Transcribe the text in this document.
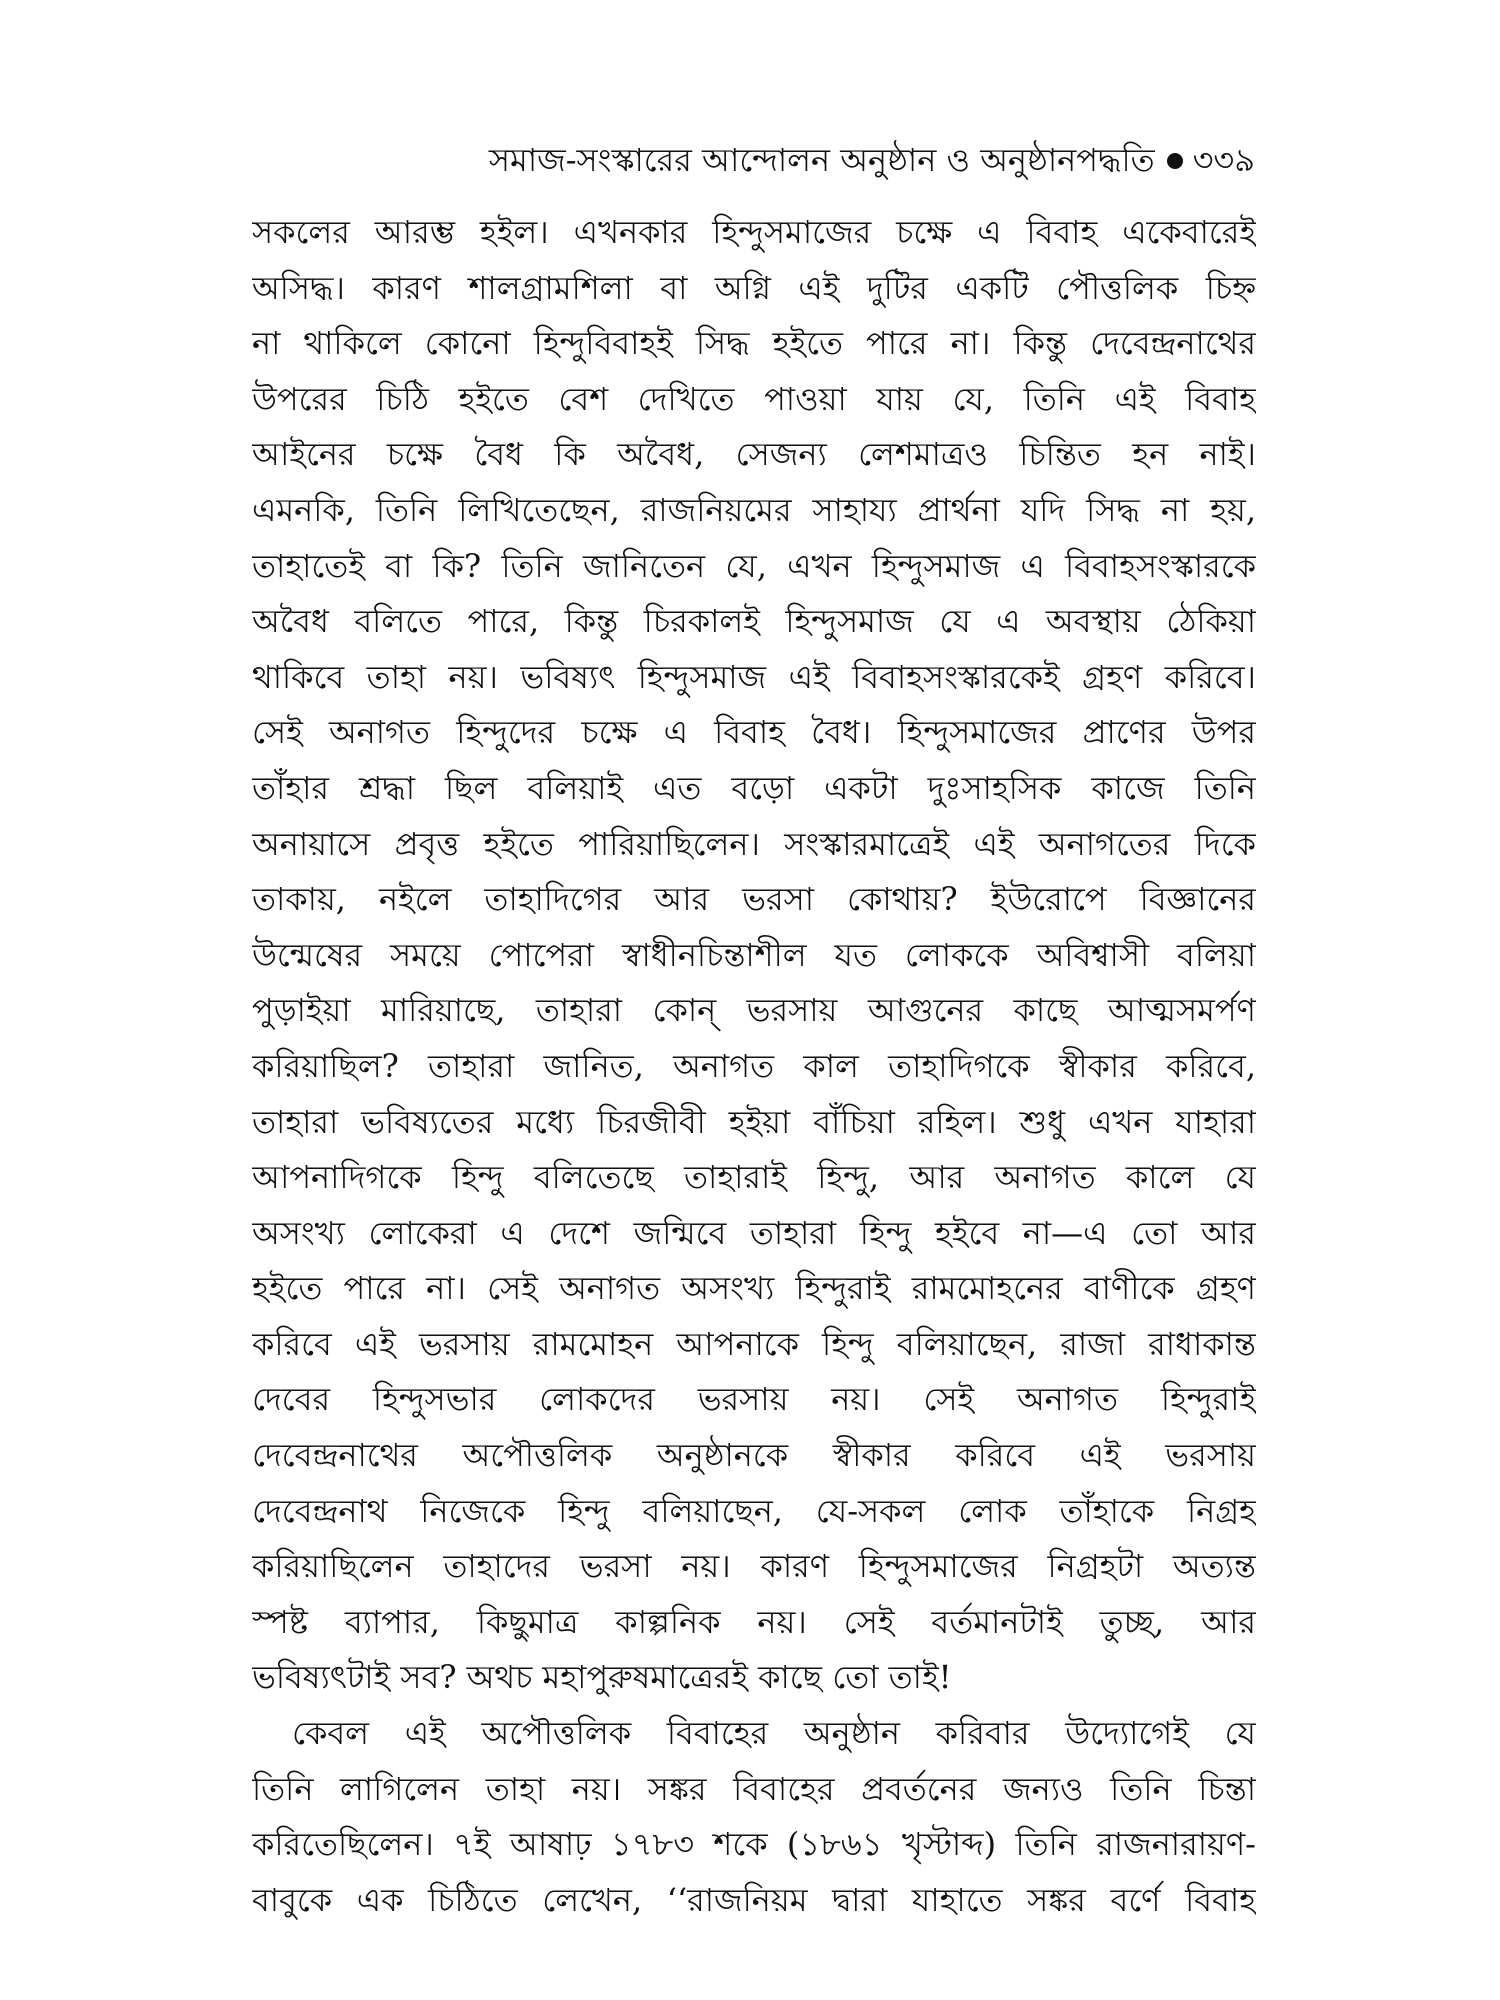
সমাজ-সংস্কারের আন্দোলন অনুষ্ঠান ও অনুষ্ঠানপদ্ধতি ৩৩৯
সকলের আরম্ভ হইল। এখনকার হিন্দুসমাজের চক্ষে এ বিবাহ একেবারেই
অসিদ্ধ। কারণ শালগ্রামশিলা বা অগ্নি এই দুটির একটি পৌত্তলিক চিহ্ন
না থাকিলে কোনো হিন্দুবিবাহই সিদ্ধ হইতে পারে না। কিন্তু দেবেন্দ্রনাথের
উপরের চিঠি হইতে বেশ দেখিতে পাওয়া যায় যে, তিনি এই বিবাহ
আইনের চক্ষে বৈধ কি অবৈধ, সেজন্য লেশমাত্রও চিন্তিত হন নাই।
এমনকি, তিনি লিখিতেছেন, রাজনিয়মের সাহায্য প্রার্থনা যদি সিদ্ধ না হয়,
তাহাতেই বা কি? তিনি জানিতেন যে, এখন হিন্দুসমাজ এ বিবাহসংস্কারকে
অবৈধ বলিতে পারে, কিন্তু চিরকালই হিন্দুসমাজ যে এ অবস্থায় ঠেকিয়া
থাকিবে তাহা নয়। ভবিষ্যৎ হিন্দুসমাজ এই বিবাহসংস্কারকেই গ্রহণ করিবে।
সেই অনাগত হিন্দুদের চক্ষে এ বিবাহ বৈধ। হিন্দুসমাজের প্রাণের উপর
তাঁহার শ্রদ্ধা ছিল বলিয়াই এত বড়ো একটা দুঃসাহসিক কাজে তিনি
অনায়াসে প্রবৃত্ত হইতে পারিয়াছিলেন। সংস্কারমাত্রেই এই অনাগতের দিকে
তাকায়, নইলে তাহাদিগের আর ভরসা কোথায়? ইউরোপে বিজ্ঞানের
উন্মেষের সময়ে পোপেরা স্বাধীনচিন্তাশীল যত লোককে অবিশ্বাসী বলিয়া
পুড়াইয়া মারিয়াছে, তাহারা কোন্ ভরসায় আগুনের কাছে আত্মসমর্পণ
করিয়াছিল? তাহারা জানিত, অনাগত কাল তাহাদিগকে স্বীকার করিবে,
তাহারা ভবিষ্যতের মধ্যে চিরজীবী হইয়া বাঁচিয়া রহিল। শুধু এখন যাহারা
আপনাদিগকে হিন্দু বলিতেছে তাহারাই হিন্দু, আর অনাগত কালে যে
অসংখ্য লোকেরা এ দেশে জন্মিবে তাহারা হিন্দু হইবে না—এ তো আর
হইতে পারে না। সেই অনাগত অসংখ্য হিন্দুরাই রামমোহনের বাণীকে গ্রহণ
করিবে এই ভরসায় রামমোহন আপনাকে হিন্দু বলিয়াছেন, রাজা রাধাকান্ত
দেবের হিন্দুসভার লোকদের ভরসায় নয়। সেই অনাগত হিন্দুরাই
দেবেন্দ্রনাথের অপৌত্তলিক অনুষ্ঠানকে স্বীকার করিবে এই ভরসায়
দেবেন্দ্রনাথ নিজেকে হিন্দু বলিয়াছেন, যে-সকল লোক তাঁহাকে নিগ্রহ
করিয়াছিলেন তাহাদের ভরসা নয়। কারণ হিন্দুসমাজের নিগ্রহটা অত্যন্ত
স্পষ্ট ব্যাপার, কিছুমাত্র কাল্পনিক নয়। সেই বর্তমানটাই তুচ্ছ, আর
ভবিষ্যৎটাই সব? অথচ মহাপুরুষমাত্রেরই কাছে তো তাই!
কেবল এই অপৌত্তলিক বিবাহের অনুষ্ঠান করিবার উদ্যোগেই যে
তিনি লাগিলেন তাহা নয়। সঙ্কর বিবাহের প্রবর্তনের জন্যও তিনি চিন্তা
করিতেছিলেন। ৭ই আষাঢ় ১৭৮৩ শকে (১৮৬১ খৃস্টাব্দ) তিনি রাজনারায়ণ-
বাবুকে এক চিঠিতে লেখেন, ‘‘রাজনিয়ম দ্বারা যাহাতে সঙ্কর বর্ণে বিবাহ
